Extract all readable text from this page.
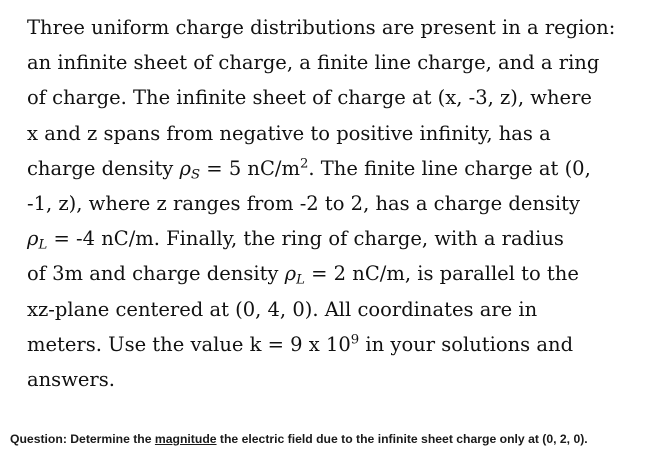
Three uniform charge distributions are present in a region:
an infinite sheet of charge, a finite line charge, and a ring
of charge. The infinite sheet of charge at (x, -3, z), where
x and z spans from negative to positive infinity, has a
charge density $\rho_S = 5$ $nC/m^2$. The finite line charge at (0,
-1, z), where z ranges from -2 to 2, has a charge density
$\rho_L = -4$ nC/m. Finally, the ring of charge, with a radius
of 3m and charge density $\rho_L = 2$ nC/m, is parallel to the
xz-plane centered at (0, 4, 0). All coordinates are in
meters. Use the value k = 9 x $10^9$ in your solutions and
answers.

Question: Determine the magnitude the electric field due to the infinite sheet charge only at (0, 2, 0).
